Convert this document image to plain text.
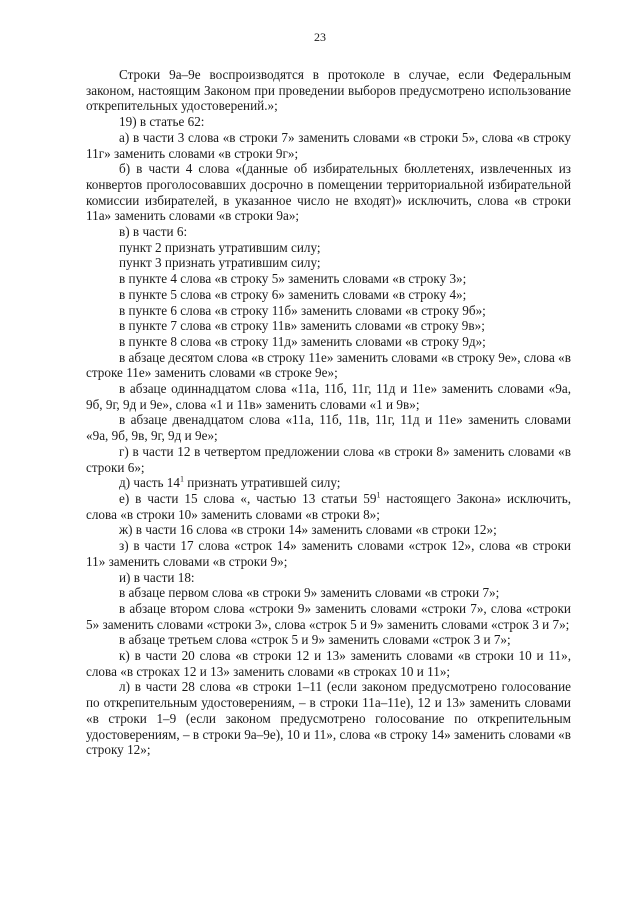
23

Строки 9а–9е воспроизводятся в протоколе в случае, если Федеральным законом, настоящим Законом при проведении выборов предусмотрено использование открепительных удостоверений.»;

19) в статье 62:

а) в части 3 слова «в строки 7» заменить словами «в строки 5», слова «в строку 11г» заменить словами «в строки 9г»;

б) в части 4 слова «(данные об избирательных бюллетенях, извлеченных из конвертов проголосовавших досрочно в помещении территориальной избирательной комиссии избирателей, в указанное число не входят)» исключить, слова «в строки 11а» заменить словами «в строки 9а»;

в) в части 6:

пункт 2 признать утратившим силу;

пункт 3 признать утратившим силу;

в пункте 4 слова «в строку 5» заменить словами «в строку 3»;

в пункте 5 слова «в строку 6» заменить словами «в строку 4»;

в пункте 6 слова «в строку 11б» заменить словами «в строку 9б»;

в пункте 7 слова «в строку 11в» заменить словами «в строку 9в»;

в пункте 8 слова «в строку 11д» заменить словами «в строку 9д»;

в абзаце десятом слова «в строку 11е» заменить словами «в строку 9е», слова «в строке 11е» заменить словами «в строке 9е»;

в абзаце одиннадцатом слова «11а, 11б, 11г, 11д и 11е» заменить словами «9а, 9б, 9г, 9д и 9е», слова «1 и 11в» заменить словами «1 и 9в»;

в абзаце двенадцатом слова «11а, 11б, 11в, 11г, 11д и 11е» заменить словами «9а, 9б, 9в, 9г, 9д и 9е»;

г) в части 12 в четвертом предложении слова «в строки 8» заменить словами «в строки 6»;

д) часть $14^1$ признать утратившей силу;

е) в части 15 слова «, частью 13 статьи $59^1$ настоящего Закона» исключить, слова «в строки 10» заменить словами «в строки 8»;

ж) в части 16 слова «в строки 14» заменить словами «в строки 12»;

з) в части 17 слова «строк 14» заменить словами «строк 12», слова «в строки 11» заменить словами «в строки 9»;

и) в части 18:

в абзаце первом слова «в строки 9» заменить словами «в строки 7»;

в абзаце втором слова «строки 9» заменить словами «строки 7», слова «строки 5» заменить словами «строки 3», слова «строк 5 и 9» заменить словами «строк 3 и 7»;

в абзаце третьем слова «строк 5 и 9» заменить словами «строк 3 и 7»;

к) в части 20 слова «в строки 12 и 13» заменить словами «в строки 10 и 11», слова «в строках 12 и 13» заменить словами «в строках 10 и 11»;

л) в части 28 слова «в строки 1–11 (если законом предусмотрено голосование по открепительным удостоверениям, – в строки 11а–11е), 12 и 13» заменить словами «в строки 1–9 (если законом предусмотрено голосование по открепительным удостоверениям, – в строки 9а–9е), 10 и 11», слова «в строку 14» заменить словами «в строку 12»;
